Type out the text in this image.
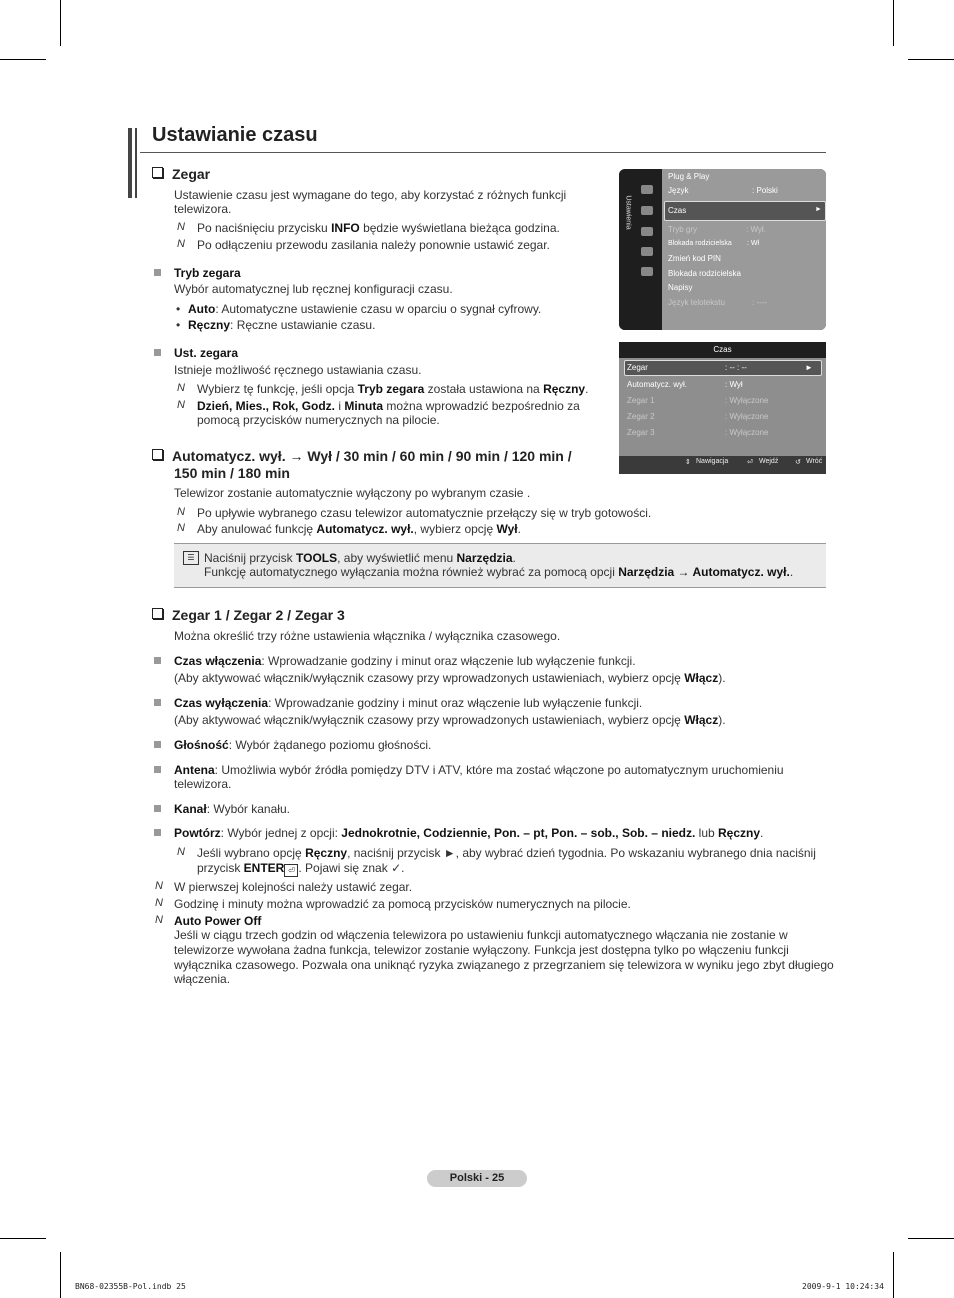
Ustawianie czasu
Zegar
Ustawienie czasu jest wymagane do tego, aby korzystać z różnych funkcji
telewizora.
N Po naciśnięciu przycisku INFO będzie wyświetlana bieżąca godzina.
N Po odłączeniu przewodu zasilania należy ponownie ustawić zegar.
Tryb zegara
Wybór automatycznej lub ręcznej konfiguracji czasu.
• Auto: Automatyczne ustawienie czasu w oparciu o sygnał cyfrowy.
• Ręczny: Ręczne ustawianie czasu.
Ust. zegara
Istnieje możliwość ręcznego ustawiania czasu.
N Wybierz tę funkcję, jeśli opcja Tryb zegara została ustawiona na Ręczny.
N Dzień, Mies., Rok, Godz. i Minuta można wprowadzić bezpośrednio za
pomocą przycisków numerycznych na pilocie.
Ustawienia
Plug & Play
Język	: Polski
Czas	►
Tryb gry	: Wył.
Blokada rodzicielska : Wł
Zmień kod PIN
Blokada rodzicielska
Napisy
Język telotekstu	: ----
Czas
Zegar	: -- : --	►
Automatycz. wył.	: Wył
Zegar 1	: Wyłączone
Zegar 2	: Wyłączone
Zegar 3	: Wyłączone
⇕ Nawigacja	⏎ Wejdź ↺ Wróć
Automatycz. wył. → Wył / 30 min / 60 min / 90 min / 120 min /
150 min / 180 min
Telewizor zostanie automatycznie wyłączony po wybranym czasie .
N Po upływie wybranego czasu telewizor automatycznie przełączy się w tryb gotowości.
N Aby anulować funkcję Automatycz. wył., wybierz opcję Wył.
☰ Naciśnij przycisk TOOLS, aby wyświetlić menu Narzędzia.
Funkcję automatycznego wyłączania można również wybrać za pomocą opcji Narzędzia → Automatycz. wył..
Zegar 1 / Zegar 2 / Zegar 3
Można określić trzy różne ustawienia włącznika / wyłącznika czasowego.
Czas włączenia: Wprowadzanie godziny i minut oraz włączenie lub wyłączenie funkcji.
(Aby aktywować włącznik/wyłącznik czasowy przy wprowadzonych ustawieniach, wybierz opcję Włącz).
Czas wyłączenia: Wprowadzanie godziny i minut oraz włączenie lub wyłączenie funkcji.
(Aby aktywować włącznik/wyłącznik czasowy przy wprowadzonych ustawieniach, wybierz opcję Włącz).
Głośność: Wybór żądanego poziomu głośności.
Antena: Umożliwia wybór źródła pomiędzy DTV i ATV, które ma zostać włączone po automatycznym uruchomieniu
telewizora.
Kanał: Wybór kanału.
Powtórz: Wybór jednej z opcji: Jednokrotnie, Codziennie, Pon. – pt, Pon. – sob., Sob. – niedz. lub Ręczny.
N Jeśli wybrano opcję Ręczny, naciśnij przycisk ►, aby wybrać dzień tygodnia. Po wskazaniu wybranego dnia naciśnij
przycisk ENTER ⏎ . Pojawi się znak ✓.
N W pierwszej kolejności należy ustawić zegar.
N Godzinę i minuty można wprowadzić za pomocą przycisków numerycznych na pilocie.
N Auto Power Off
Jeśli w ciągu trzech godzin od włączenia telewizora po ustawieniu funkcji automatycznego włączania nie zostanie w
telewizorze wywołana żadna funkcja, telewizor zostanie wyłączony. Funkcja jest dostępna tylko po włączeniu funkcji
wyłącznika czasowego. Pozwala ona uniknąć ryzyka związanego z przegrzaniem się telewizora w wyniku jego zbyt długiego
włączenia.
Polski - 25
BN68-02355B-Pol.indb 25	2009-9-1 10:24:34
